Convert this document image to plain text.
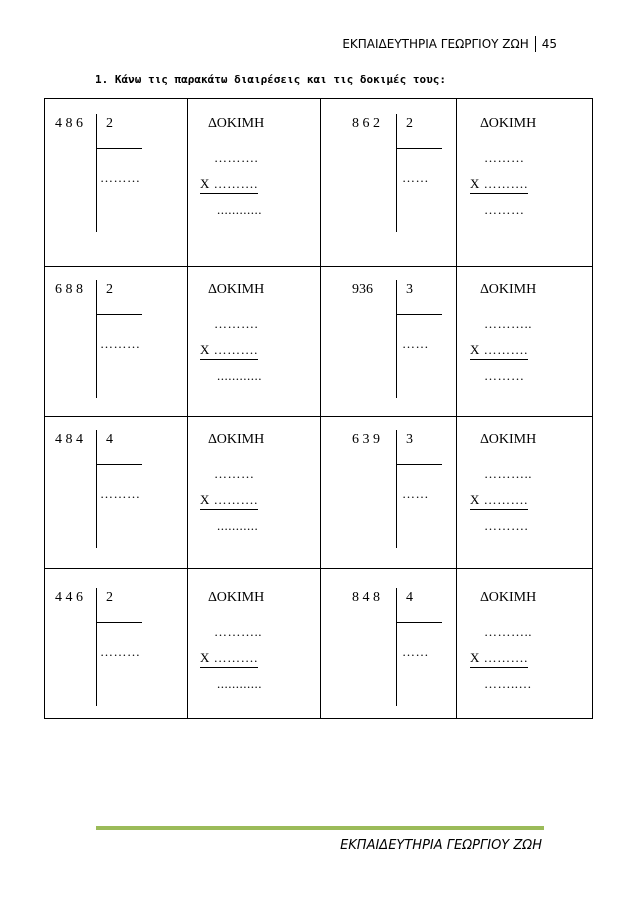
ΕΚΠΑΙΔΕΥΤΗΡΙΑ ΓΕΩΡΓΙΟΥ ΖΩΗ	45
1. Κάνω τις παρακάτω διαιρέσεις και τις δοκιμές τους:
4 8 6 2
………
ΔΟΚΙΜΗ
……….
Χ ……….
............
8 6 2 2
……
ΔΟΚΙΜΗ
………
Χ ……….
………
6 8 8 2
………
ΔΟΚΙΜΗ
……….
Χ ……….
............
936 3
……
ΔΟΚΙΜΗ
………..
Χ ……….
………
4 8 4 4
………
ΔΟΚΙΜΗ
………
Χ ……….
...........
6 3 9 3
……
ΔΟΚΙΜΗ
………..
Χ ……….
……….
4 4 6 2
………
ΔΟΚΙΜΗ
………..
Χ ……….
............
8 4 8 4
……
ΔΟΚΙΜΗ
………..
Χ ……….
……..…
ΕΚΠΑΙΔΕΥΤΗΡΙΑ ΓΕΩΡΓΙΟΥ ΖΩΗ
